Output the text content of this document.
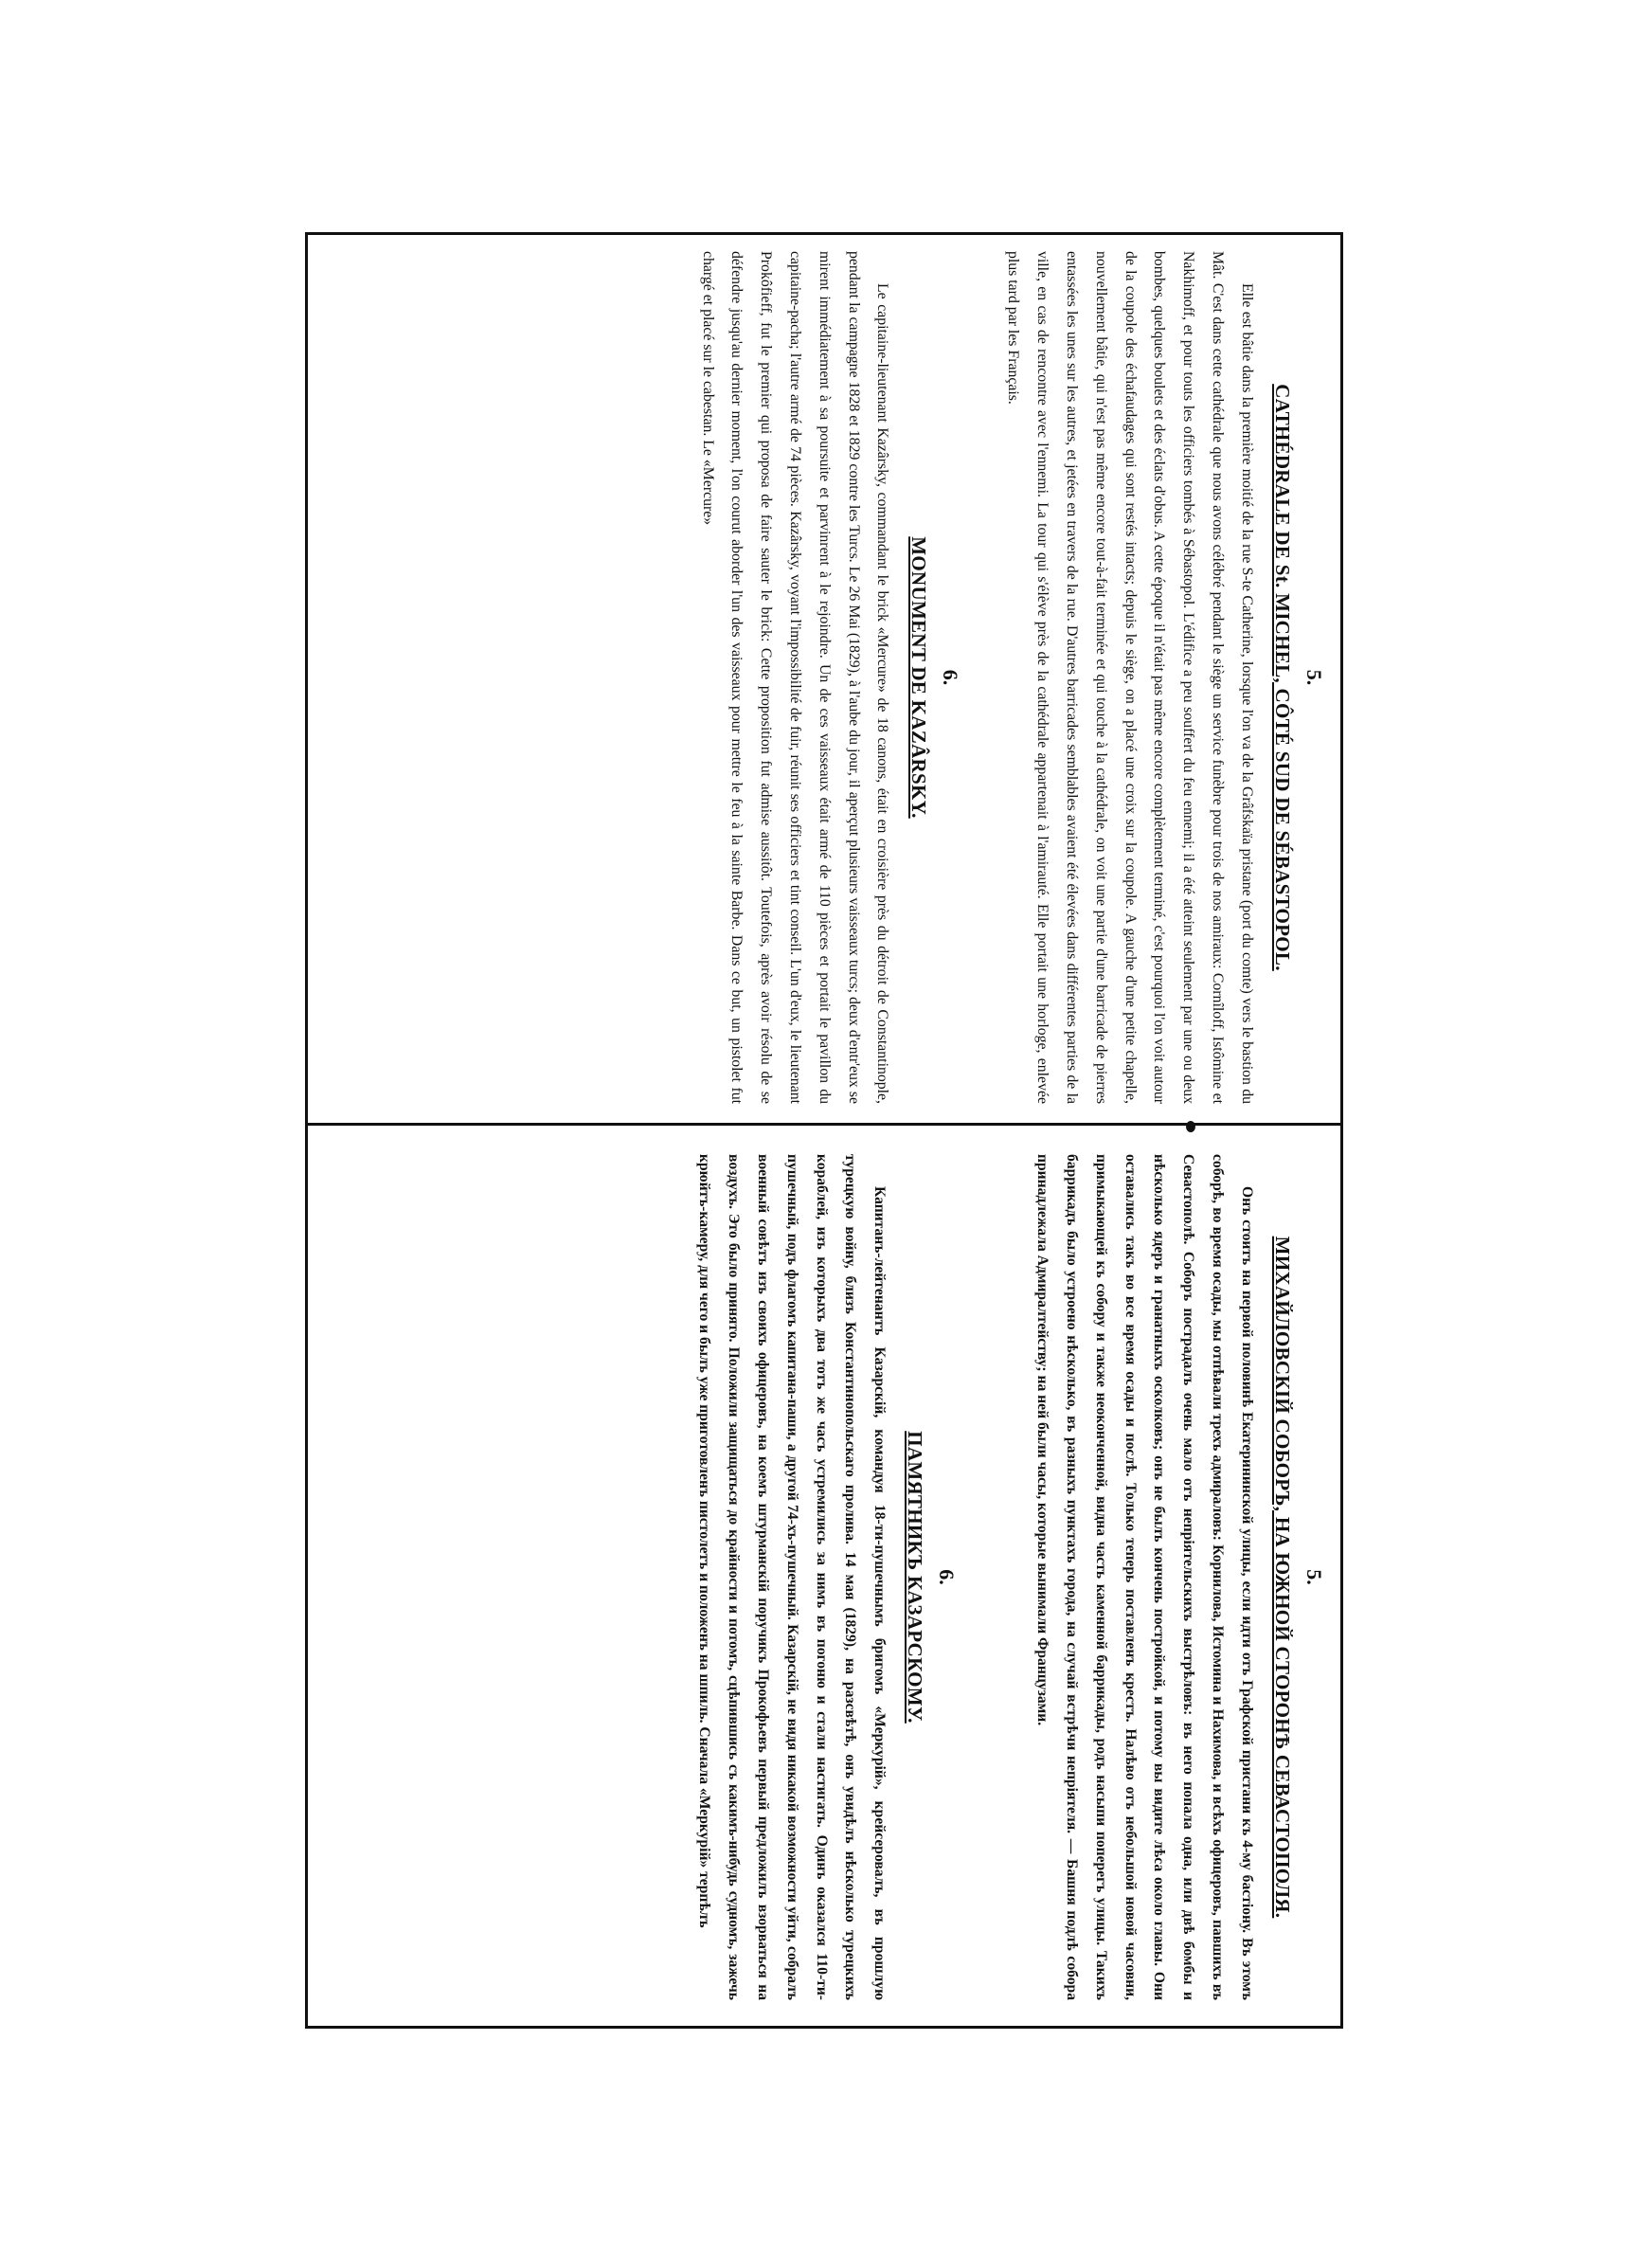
5.

CATHÉDRALE DE St. MICHEL, CÔTÉ SUD DE SÉBASTOPOL.

Elle est bâtie dans la première moitié de la rue S-te Catherine, lorsque l'on va de la Grâfskaïa pristane (port du comte) vers le bastion du Mât. C'est dans cette cathédrale que nous avons célébré pendant le siège un service funèbre pour trois de nos amiraux: Cornîloff, Istômine et Nakhimoff, et pour touts les officiers tombés à Sébastopol. L'édifice a peu souffert du feu ennemi; il a été atteint seulement par une ou deux bombes, quelques boulets et des éclats d'obus. A cette époque il n'était pas même encore complètement terminé, c'est pourquoi l'on voit autour de la coupole des échafaudages qui sont restés intacts; depuis le siège, on a placé une croix sur la coupole. A gauche d'une petite chapelle, nouvellement bâtie, qui n'est pas même encore tout-à-fait terminée et qui touche à la cathédrale, on voit une partie d'une barricade de pierres entassées les unes sur les autres, et jetées en travers de la rue. D'autres barricades semblables avaient été élevées dans différentes parties de la ville, en cas de rencontre avec l'ennemi. La tour qui s'élève près de la cathédrale appartenait à l'amirauté. Elle portait une horloge, enlevée plus tard par les Français.

6.

MONUMENT DE KAZÂRSKY.

Le capitaine-lieutenant Kazârsky, commandant le brick «Mercure» de 18 canons, était en croisière près du détroit de Constantinople, pendant la campagne 1828 et 1829 contre les Turcs. Le 26 Mai (1829), à l'aube du jour, il aperçut plusieurs vaisseaux turcs; deux d'entr'eux se mirent immédiatement à sa poursuite et parvinrent à le rejoindre. Un de ces vaisseaux était armé de 110 pièces et portait le pavillon du capitaine-pacha; l'autre armé de 74 pièces. Kazârsky, voyant l'impossibilité de fuir, réunit ses officiers et tint conseil. L'un d'eux, le lieutenant Prokôfieff, fut le premier qui proposa de faire sauter le brick: Cette proposition fut admise aussitôt. Toutefois, après avoir résolu de se défendre jusqu'au dernier moment, l'on courut aborder l'un des vaisseaux pour mettre le feu à la sainte Barbe. Dans ce but, un pistolet fut chargé et placé sur le cabestan. Le «Mercure»

5.

МИХАЙЛОВСКІЙ СОБОРЪ, НА ЮЖНОЙ СТОРОНѢ СЕВАСТОПОЛЯ.

Онъ стоитъ на первой половинѣ Екатерининской улицы, если идти отъ Графской пристани къ 4-му бастіону. Въ этомъ соборѣ, во время осады, мы отпѣвали трехъ адмираловъ: Корнилова, Истомина и Нахимова, и всѣхъ офицеровъ, павшихъ въ Севастополѣ. Соборъ пострадалъ очень мало отъ непріятельскихъ выстрѣловъ: въ него попала одна, или двѣ бомбы и нѣсколько ядеръ и гранатныхъ осколковъ; онъ не былъ кончень постройкой, и потому вы видите лѣса около главы. Они оставались такъ во все время осады и послѣ. Только теперь поставленъ крестъ. Налѣво отъ небольшой новой часовни, примыкающей къ собору и также неоконченной, видна часть каменной баррикады, родъ насыпи поперегъ улицы. Такихъ баррикадъ было устроено нѣсколько, въ разныхъ пунктахъ города, на случай встрѣчи непріятеля. — Башня подлѣ собора принадлежала Адмиралтейству; на ней были часы, которые вынимали Французами.

6.

ПАМЯТНИКЪ КАЗАРСКОМУ.

Капитанъ-лейтенантъ Казарскій, командуя 18-ти-пушечнымъ бригомъ «Меркурій», крейсеровалъ, въ прошлую турецкую войну, близъ Константинопольскаго пролива. 14 мая (1829), на разсвѣтѣ, онъ увидѣлъ нѣсколько турецкихъ кораблей, изъ которыхъ два тотъ же часъ устремились за нимъ въ погоню и стали настигать. Одинъ оказался 110-ти-пушечный, подъ флагомъ капитана-паши, а другой 74-хъ-пушечный. Казарскій, не видя никакой возможности уйти, собралъ военный совѣтъ изъ своихъ офицеровъ, на коемъ штурманскій поручикъ Прокофьевъ первый предложилъ взорваться на воздухъ. Это было принято. Положили защищаться до крайности и потомъ, сцѣпившись съ какимъ-нибудь судномъ, зажечь крюйтъ-камеру, для чего и былъ уже приготовленъ пистолетъ и положенъ на шпиль. Сначала «Меркурій» терпѣлъ
